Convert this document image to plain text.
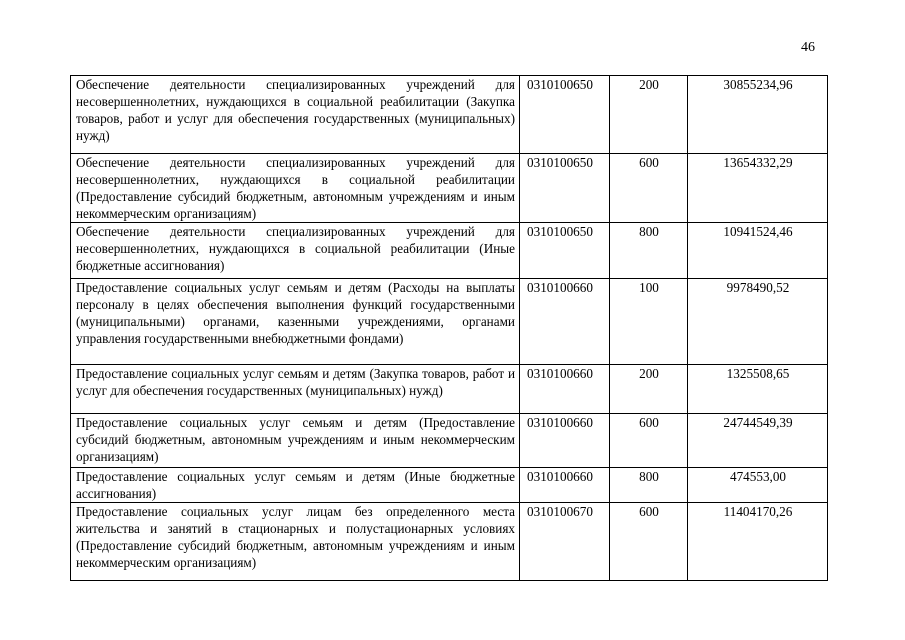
46
Обеспечение деятельности специализированных учреждений для несовершеннолетних, нуждающихся в социальной реабилитации (Закупка товаров, работ и услуг для обеспечения государственных (муниципальных) нужд)	0310100650	200	30855234,96
Обеспечение деятельности специализированных учреждений для несовершеннолетних, нуждающихся в социальной реабилитации (Предоставление субсидий бюджетным, автономным учреждениям и иным некоммерческим организациям)	0310100650	600	13654332,29
Обеспечение деятельности специализированных учреждений для несовершеннолетних, нуждающихся в социальной реабилитации (Иные бюджетные ассигнования)	0310100650	800	10941524,46
Предоставление социальных услуг семьям и детям (Расходы на выплаты персоналу в целях обеспечения выполнения функций государственными (муниципальными) органами, казенными учреждениями, органами управления государственными внебюджетными фондами)	0310100660	100	9978490,52
Предоставление социальных услуг семьям и детям (Закупка товаров, работ и услуг для обеспечения государственных (муниципальных) нужд)	0310100660	200	1325508,65
Предоставление социальных услуг семьям и детям (Предоставление субсидий бюджетным, автономным учреждениям и иным некоммерческим организациям)	0310100660	600	24744549,39
Предоставление социальных услуг семьям и детям (Иные бюджетные ассигнования)	0310100660	800	474553,00
Предоставление социальных услуг лицам без определенного места жительства и занятий в стационарных и полустационарных условиях (Предоставление субсидий бюджетным, автономным учреждениям и иным некоммерческим организациям)	0310100670	600	11404170,26
